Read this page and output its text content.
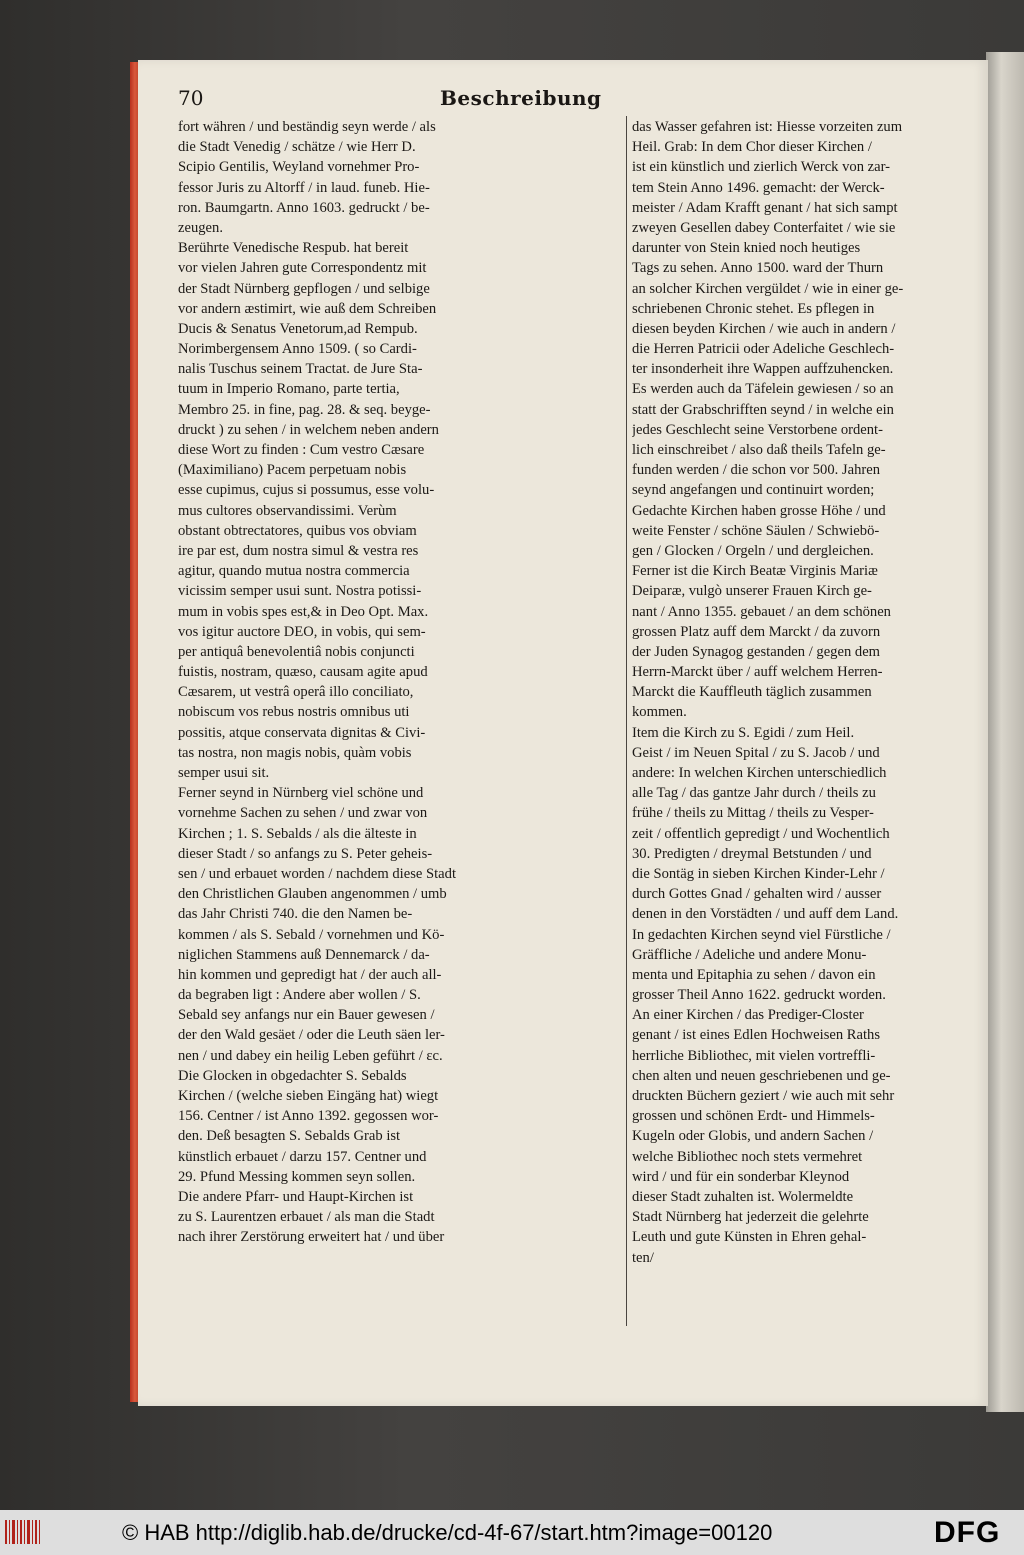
70	Beschreibung
fort währen / und beständig seyn werde / als
die Stadt Venedig / schätze / wie Herr D.
Scipio Gentilis, Weyland vornehmer Pro-
fessor Juris zu Altorff / in laud. funeb. Hie-
ron. Baumgartn. Anno 1603. gedruckt / be-
zeugen.
Berührte Venedische Respub. hat bereit
vor vielen Jahren gute Correspondentz mit
der Stadt Nürnberg gepflogen / und selbige
vor andern æstimirt, wie auß dem Schreiben
Ducis & Senatus Venetorum,ad Rempub.
Norimbergensem Anno 1509. ( so Cardi-
nalis Tuschus seinem Tractat. de Jure Sta-
tuum in Imperio Romano, parte tertia,
Membro 25. in fine, pag. 28. & seq. beyge-
druckt ) zu sehen / in welchem neben andern
diese Wort zu finden : Cum vestro Cæsare
(Maximiliano) Pacem perpetuam nobis
esse cupimus, cujus si possumus, esse volu-
mus cultores observandissimi. Verùm
obstant obtrectatores, quibus vos obviam
ire par est, dum nostra simul & vestra res
agitur, quando mutua nostra commercia
vicissim semper usui sunt. Nostra potissi-
mum in vobis spes est,& in Deo Opt. Max.
vos igitur auctore DEO, in vobis, qui sem-
per antiquâ benevolentiâ nobis conjuncti
fuistis, nostram, quæso, causam agite apud
Cæsarem, ut vestrâ operâ illo conciliato,
nobiscum vos rebus nostris omnibus uti
possitis, atque conservata dignitas & Civi-
tas nostra, non magis nobis, quàm vobis
semper usui sit.
Ferner seynd in Nürnberg viel schöne und
vornehme Sachen zu sehen / und zwar von
Kirchen ; 1. S. Sebalds / als die älteste in
dieser Stadt / so anfangs zu S. Peter geheis-
sen / und erbauet worden / nachdem diese Stadt
den Christlichen Glauben angenommen / umb
das Jahr Christi 740. die den Namen be-
kommen / als S. Sebald / vornehmen und Kö-
niglichen Stammens auß Dennemarck / da-
hin kommen und gepredigt hat / der auch all-
da begraben ligt : Andere aber wollen / S.
Sebald sey anfangs nur ein Bauer gewesen /
der den Wald gesäet / oder die Leuth säen ler-
nen / und dabey ein heilig Leben geführt / ɛc.
Die Glocken in obgedachter S. Sebalds
Kirchen / (welche sieben Eingäng hat) wiegt
156. Centner / ist Anno 1392. gegossen wor-
den. Deß besagten S. Sebalds Grab ist
künstlich erbauet / darzu 157. Centner und
29. Pfund Messing kommen seyn sollen.
Die andere Pfarr- und Haupt-Kirchen ist
zu S. Laurentzen erbauet / als man die Stadt
nach ihrer Zerstörung erweitert hat / und über
das Wasser gefahren ist: Hiesse vorzeiten zum
Heil. Grab: In dem Chor dieser Kirchen /
ist ein künstlich und zierlich Werck von zar-
tem Stein Anno 1496. gemacht: der Werck-
meister / Adam Krafft genant / hat sich sampt
zweyen Gesellen dabey Conterfaitet / wie sie
darunter von Stein knied noch heutiges
Tags zu sehen. Anno 1500. ward der Thurn
an solcher Kirchen vergüldet / wie in einer ge-
schriebenen Chronic stehet. Es pflegen in
diesen beyden Kirchen / wie auch in andern /
die Herren Patricii oder Adeliche Geschlech-
ter insonderheit ihre Wappen auffzuhencken.
Es werden auch da Täfelein gewiesen / so an
statt der Grabschrifften seynd / in welche ein
jedes Geschlecht seine Verstorbene ordent-
lich einschreibet / also daß theils Tafeln ge-
funden werden / die schon vor 500. Jahren
seynd angefangen und continuirt worden;
Gedachte Kirchen haben grosse Höhe / und
weite Fenster / schöne Säulen / Schwiebö-
gen / Glocken / Orgeln / und dergleichen.
Ferner ist die Kirch Beatæ Virginis Mariæ
Deiparæ, vulgò unserer Frauen Kirch ge-
nant / Anno 1355. gebauet / an dem schönen
grossen Platz auff dem Marckt / da zuvorn
der Juden Synagog gestanden / gegen dem
Herrn-Marckt über / auff welchem Herren-
Marckt die Kauffleuth täglich zusammen
kommen.
Item die Kirch zu S. Egidi / zum Heil.
Geist / im Neuen Spital / zu S. Jacob / und
andere: In welchen Kirchen unterschiedlich
alle Tag / das gantze Jahr durch / theils zu
frühe / theils zu Mittag / theils zu Vesper-
zeit / offentlich gepredigt / und Wochentlich
30. Predigten / dreymal Betstunden / und
die Sontäg in sieben Kirchen Kinder-Lehr /
durch Gottes Gnad / gehalten wird / ausser
denen in den Vorstädten / und auff dem Land.
In gedachten Kirchen seynd viel Fürstliche /
Gräffliche / Adeliche und andere Monu-
menta und Epitaphia zu sehen / davon ein
grosser Theil Anno 1622. gedruckt worden.
An einer Kirchen / das Prediger-Closter
genant / ist eines Edlen Hochweisen Raths
herrliche Bibliothec, mit vielen vortreffli-
chen alten und neuen geschriebenen und ge-
druckten Büchern geziert / wie auch mit sehr
grossen und schönen Erdt- und Himmels-
Kugeln oder Globis, und andern Sachen /
welche Bibliothec noch stets vermehret
wird / und für ein sonderbar Kleynod
dieser Stadt zuhalten ist. Wolermeldte
Stadt Nürnberg hat jederzeit die gelehrte
Leuth und gute Künsten in Ehren gehal-
ten/
© HAB http://diglib.hab.de/drucke/cd-4f-67/start.htm?image=00120	DFG
